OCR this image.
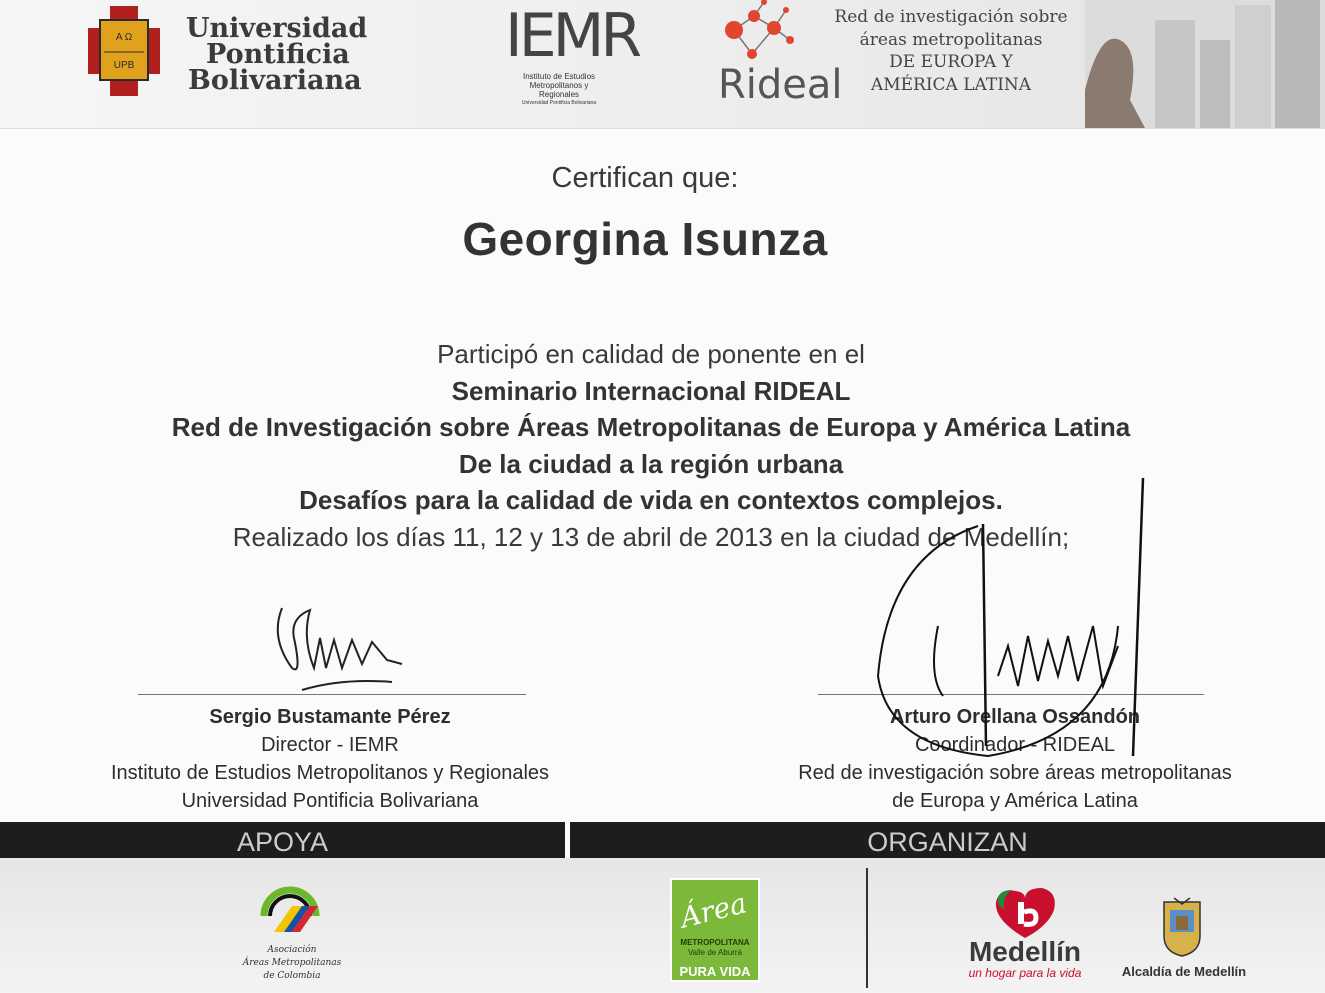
Α Ω
UPB
Universidad
Pontificia
Bolivariana
IEMR
Instituto de Estudios
Metropolitanos y Regionales
Universidad Pontificia Bolivariana	Rideal
Red de investigación sobre
áreas metropolitanas
DE EUROPA Y
AMÉRICA LATINA
Certifican que:
Georgina Isunza
Participó en calidad de ponente en el
Seminario Internacional RIDEAL
Red de Investigación sobre Áreas Metropolitanas de Europa y América Latina
De la ciudad a la región urbana
Desafíos para la calidad de vida en contextos complejos.
Realizado los días 11, 12 y 13 de abril de 2013 en la ciudad de Medellín;
Sergio Bustamante Pérez
Director - IEMR
Instituto de Estudios Metropolitanos y Regionales
Universidad Pontificia Bolivariana
Arturo Orellana Ossandón
Coordinador - RIDEAL
Red de investigación sobre áreas metropolitanas
de Europa y América Latina
APOYA	ORGANIZAN
Asociación
Áreas Metropolitanas
de Colombia
Área
METROPOLITANA
Valle de Aburrá
PURA VIDA
Medellín
un hogar para la vida	Alcaldía de Medellín
